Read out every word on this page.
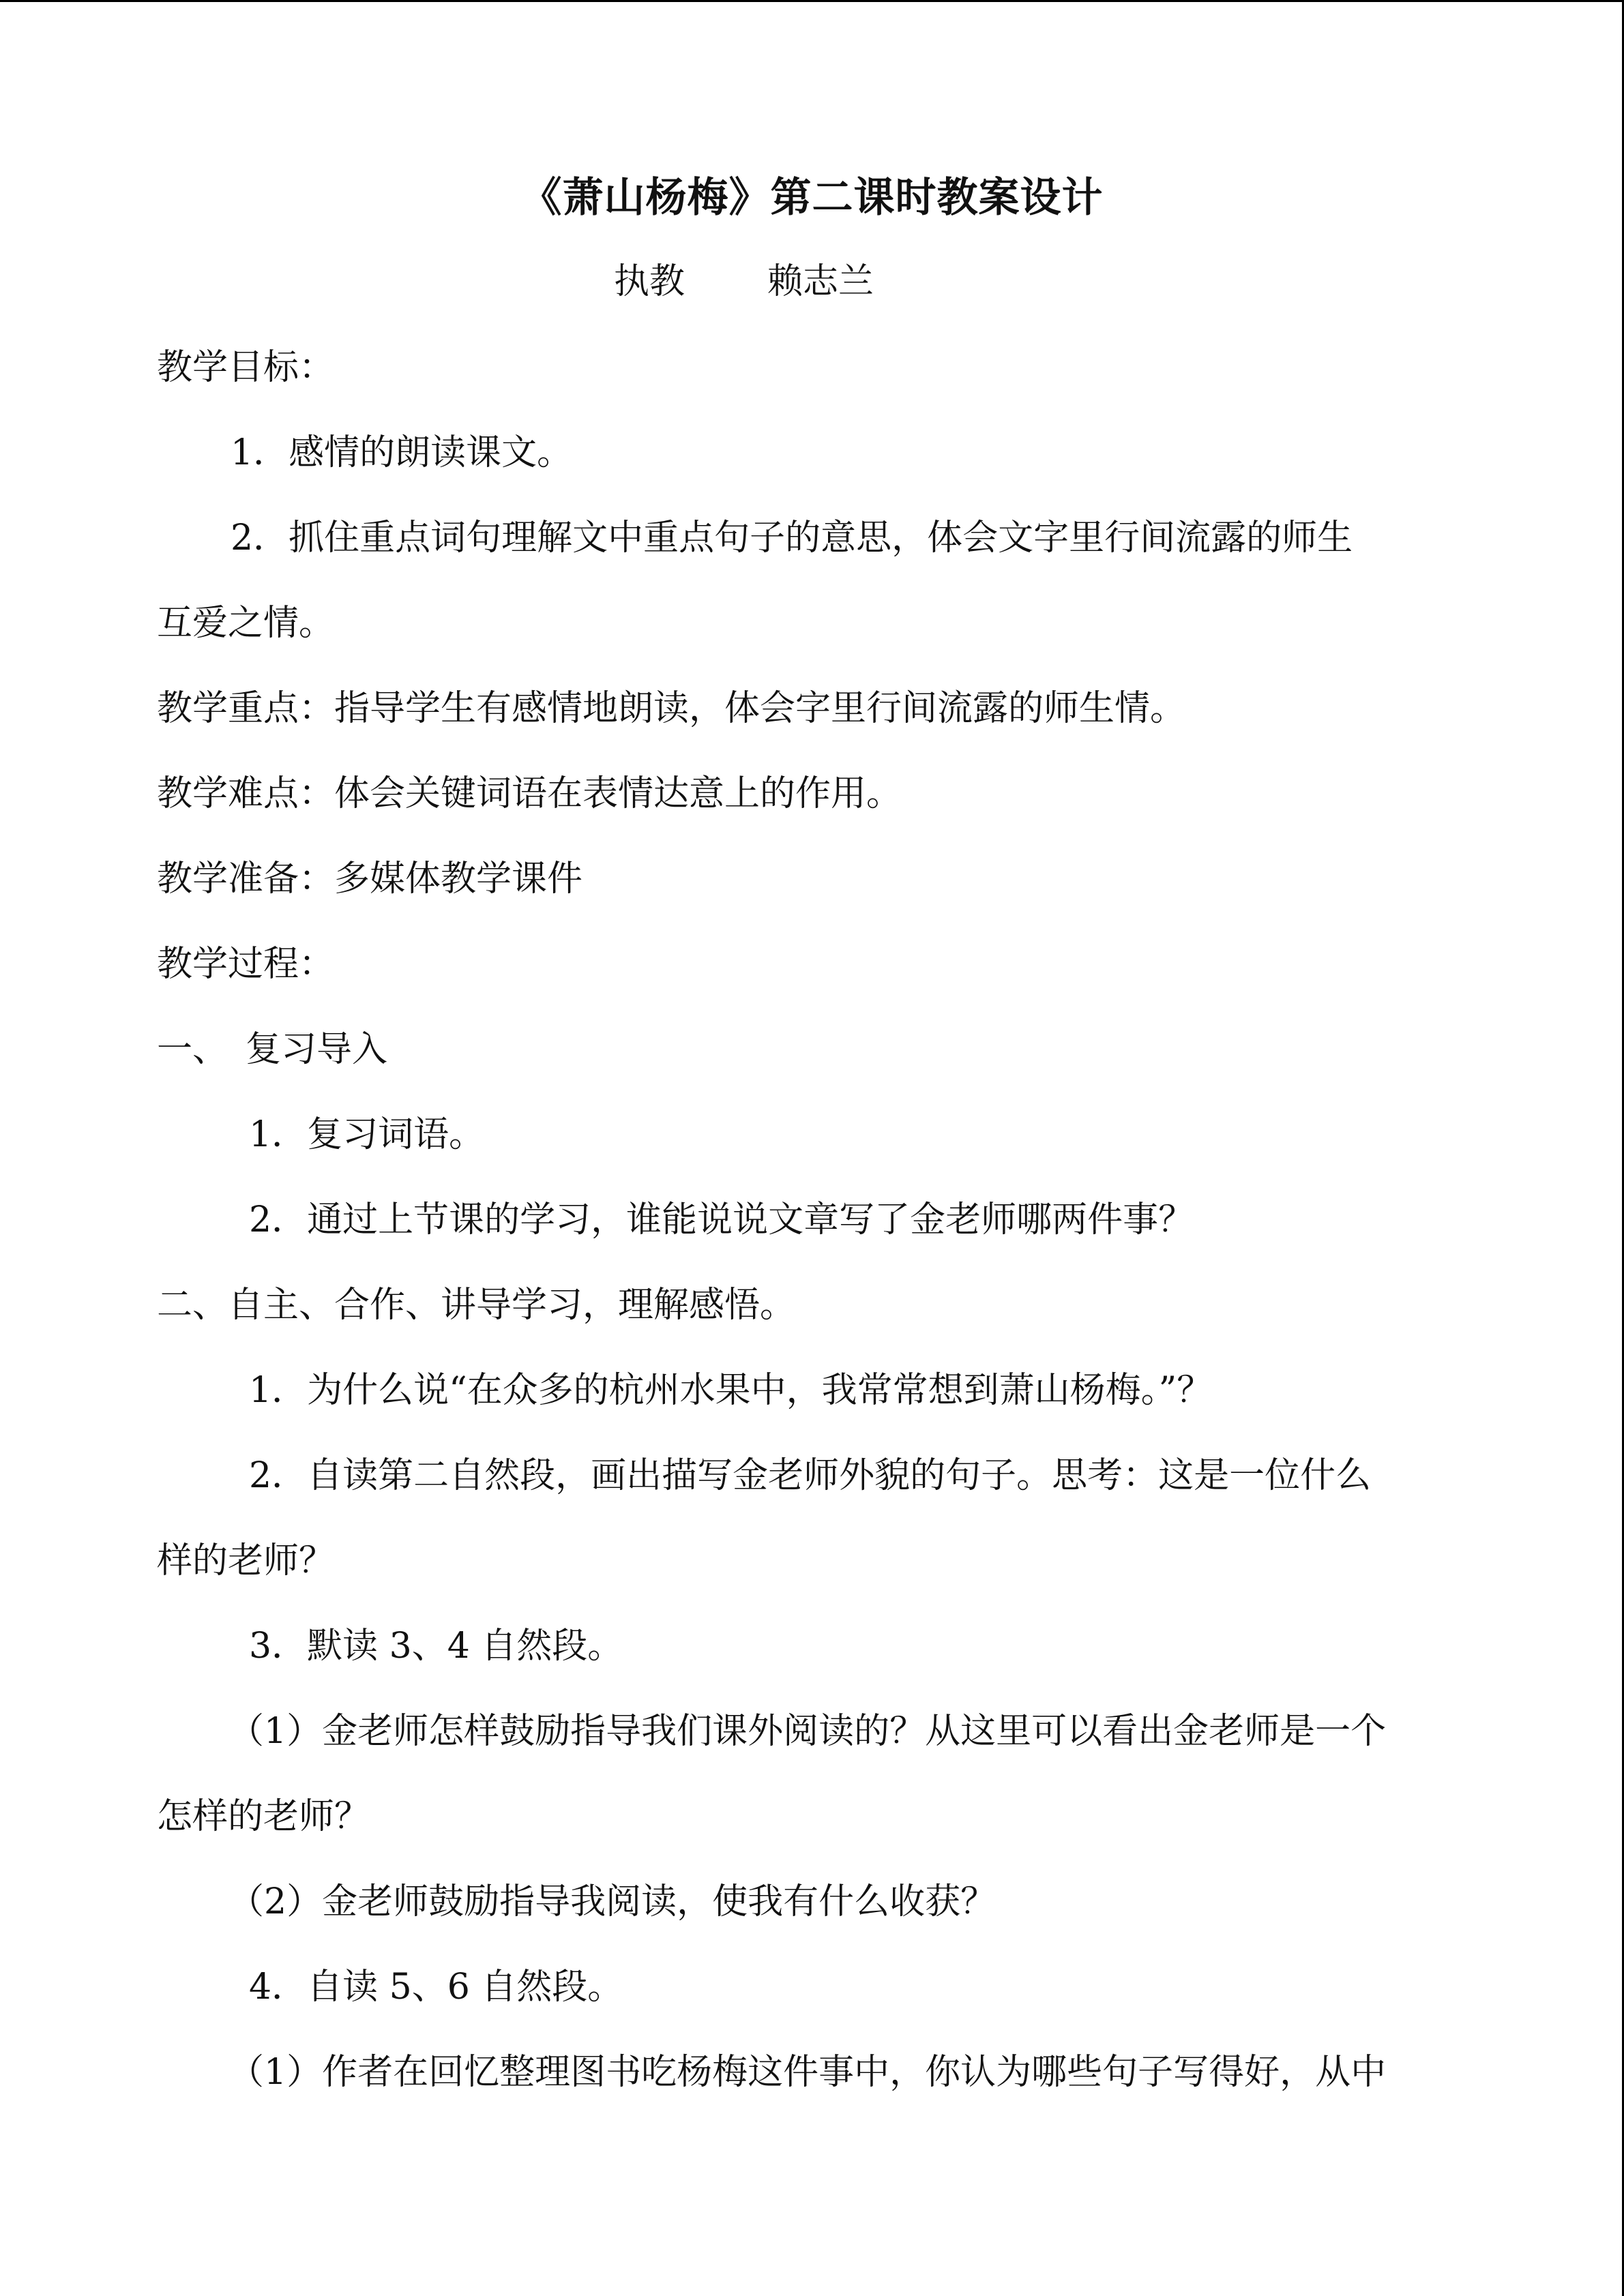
《萧山杨梅》第二课时教案设计
执教 赖志兰
教学目标：
1．感情的朗读课文。
2．抓住重点词句理解文中重点句子的意思，体会文字里行间流露的师生
互爱之情。
教学重点：指导学生有感情地朗读，体会字里行间流露的师生情。
教学难点：体会关键词语在表情达意上的作用。
教学准备：多媒体教学课件
教学过程：
一、　复习导入
1．复习词语。
2．通过上节课的学习，谁能说说文章写了金老师哪两件事？
二、自主、合作、讲导学习，理解感悟。
1．为什么说“在众多的杭州水果中，我常常想到萧山杨梅。”？
2．自读第二自然段，画出描写金老师外貌的句子。思考：这是一位什么
样的老师？
3．默读 3、4 自然段。
（1）金老师怎样鼓励指导我们课外阅读的？从这里可以看出金老师是一个
怎样的老师？
（2）金老师鼓励指导我阅读，使我有什么收获？
4．自读 5、6 自然段。
（1）作者在回忆整理图书吃杨梅这件事中，你认为哪些句子写得好，从中
